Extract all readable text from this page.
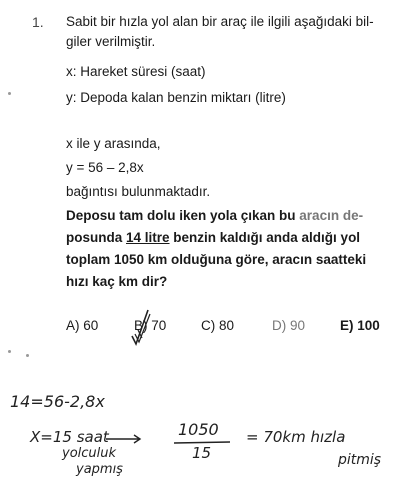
1. Sabit bir hızla yol alan bir araç ile ilgili aşağıdaki bil-
giler verilmiştir.
x: Hareket süresi (saat)
y: Depoda kalan benzin miktarı (litre)
x ile y arasında,
y = 56 – 2,8x
bağıntısı bulunmaktadır.
Deposu tam dolu iken yola çıkan bu aracın de-
posunda 14 litre benzin kaldığı anda aldığı yol
toplam 1050 km olduğuna göre, aracın saatteki
hızı kaç km dir?
A) 60	B) 70	C) 80	D) 90	E) 100
14=56-2,8x
X=15 saat
yolculuk
yapmış
1050
15
= 70km hızla
pitmiş
